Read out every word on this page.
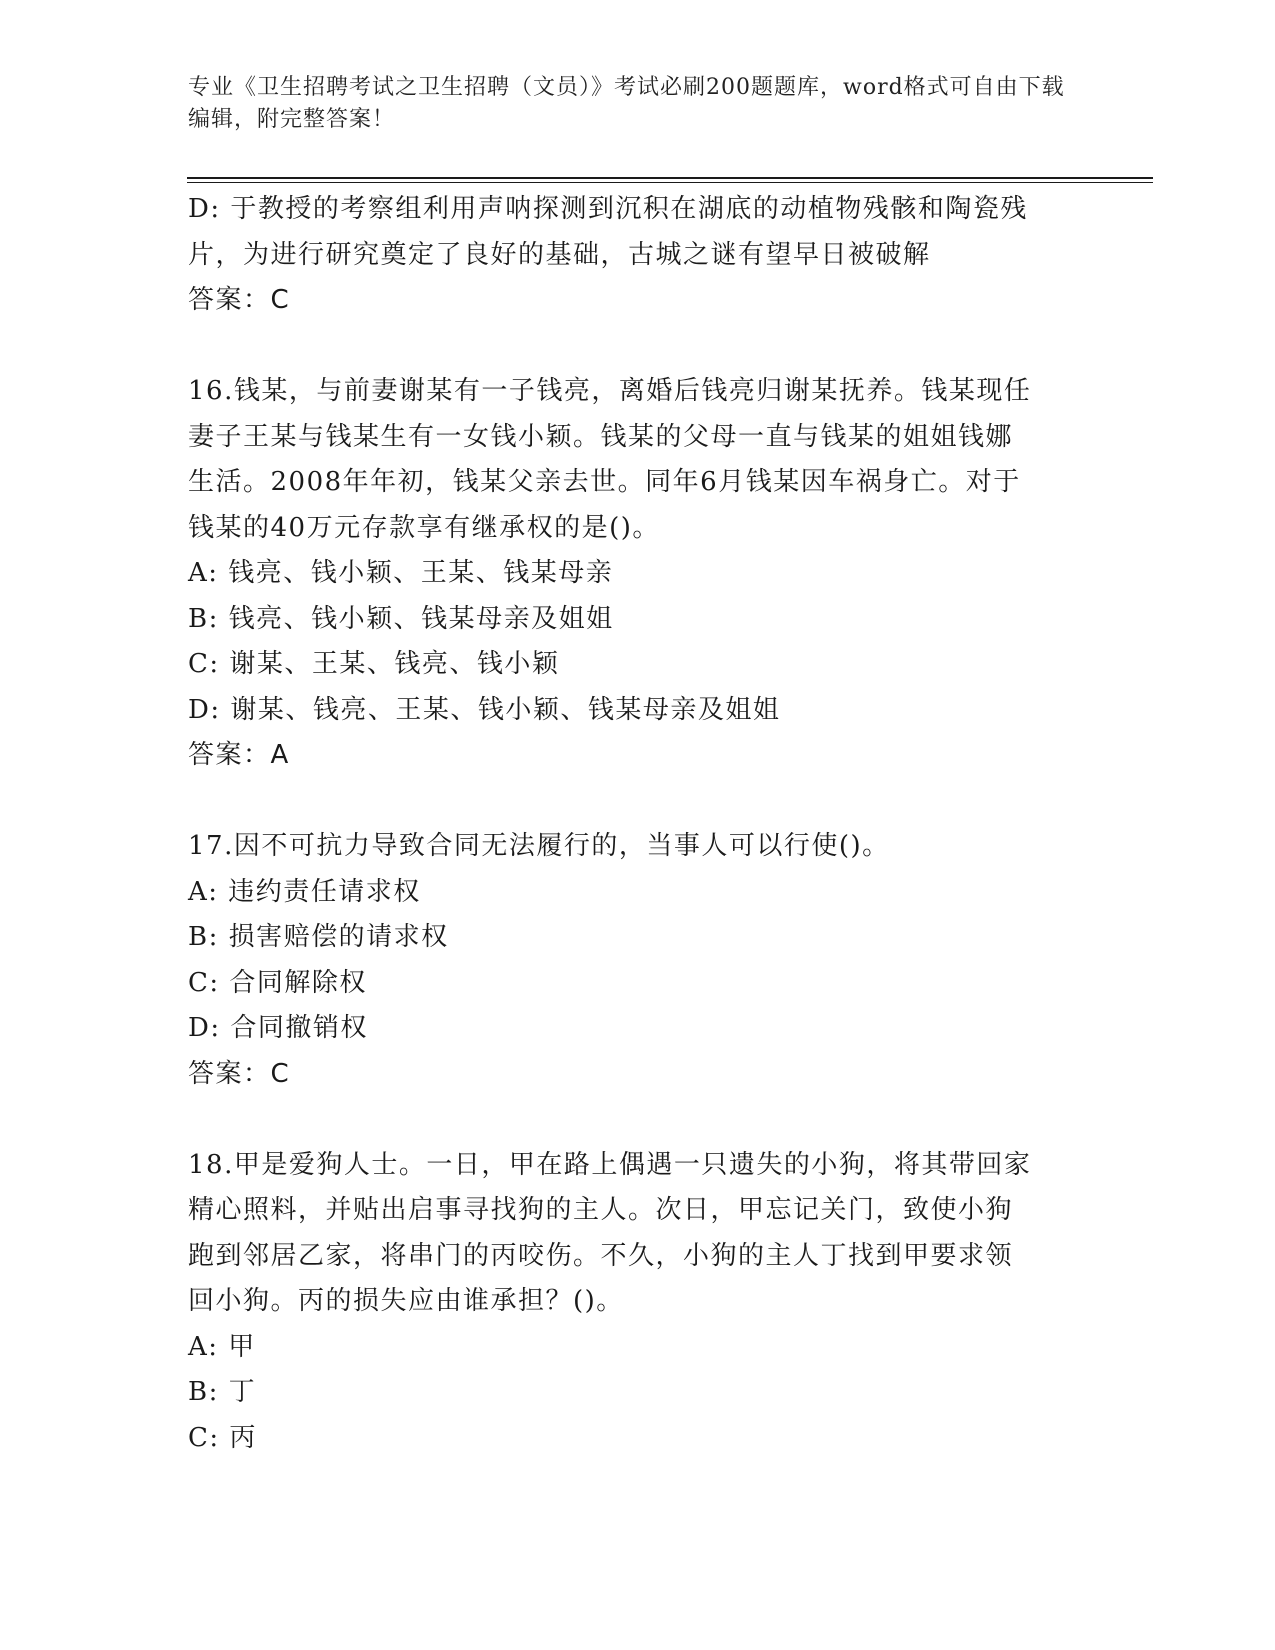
专业《卫生招聘考试之卫生招聘（文员）》考试必刷200题题库，word格式可自由下载编辑，附完整答案！
D: 于教授的考察组利用声呐探测到沉积在湖底的动植物残骸和陶瓷残
片，为进行研究奠定了良好的基础，古城之谜有望早日被破解
答案：C
16.钱某，与前妻谢某有一子钱亮，离婚后钱亮归谢某抚养。钱某现任
妻子王某与钱某生有一女钱小颖。钱某的父母一直与钱某的姐姐钱娜
生活。2008年年初，钱某父亲去世。同年6月钱某因车祸身亡。对于
钱某的40万元存款享有继承权的是()。
A: 钱亮、钱小颖、王某、钱某母亲
B: 钱亮、钱小颖、钱某母亲及姐姐
C: 谢某、王某、钱亮、钱小颖
D: 谢某、钱亮、王某、钱小颖、钱某母亲及姐姐
答案：A
17.因不可抗力导致合同无法履行的，当事人可以行使()。
A: 违约责任请求权
B: 损害赔偿的请求权
C: 合同解除权
D: 合同撤销权
答案：C
18.甲是爱狗人士。一日，甲在路上偶遇一只遗失的小狗，将其带回家
精心照料，并贴出启事寻找狗的主人。次日，甲忘记关门，致使小狗
跑到邻居乙家，将串门的丙咬伤。不久，小狗的主人丁找到甲要求领
回小狗。丙的损失应由谁承担？()。
A: 甲
B: 丁
C: 丙
